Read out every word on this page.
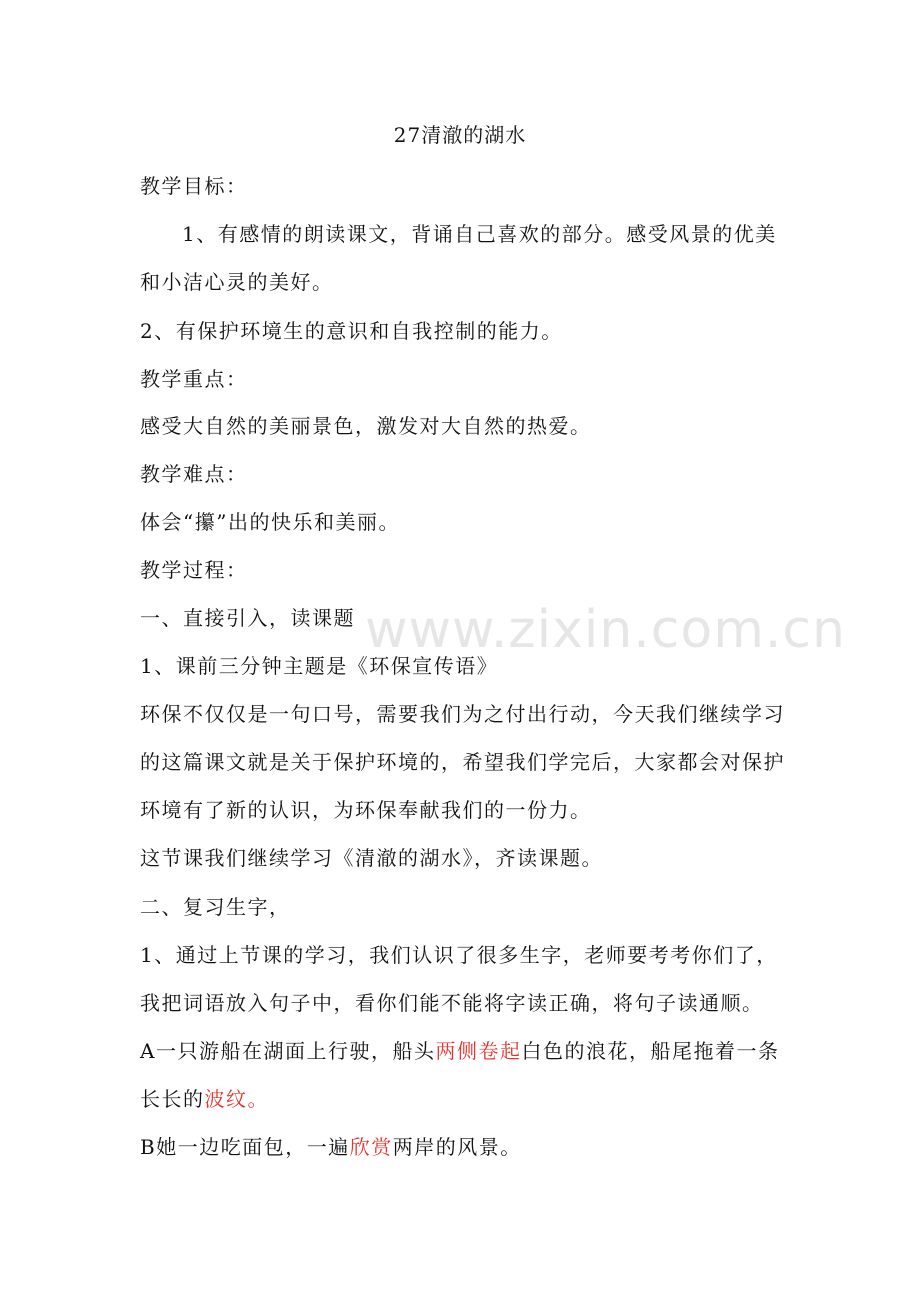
www.zixin.com.cn
27清澈的湖水
教学目标：
1、有感情的朗读课文，背诵自己喜欢的部分。感受风景的优美
和小洁心灵的美好。
2、有保护环境生的意识和自我控制的能力。
教学重点：
感受大自然的美丽景色，激发对大自然的热爱。
教学难点：
体会“攥”出的快乐和美丽。
教学过程：
一、直接引入，读课题
1、课前三分钟主题是《环保宣传语》
环保不仅仅是一句口号，需要我们为之付出行动，今天我们继续学习
的这篇课文就是关于保护环境的，希望我们学完后，大家都会对保护
环境有了新的认识，为环保奉献我们的一份力。
这节课我们继续学习《清澈的湖水》，齐读课题。
二、复习生字，
1、通过上节课的学习，我们认识了很多生字，老师要考考你们了，
我把词语放入句子中，看你们能不能将字读正确，将句子读通顺。
A一只游船在湖面上行驶，船头两侧卷起白色的浪花，船尾拖着一条
长长的波纹。
B她一边吃面包，一遍欣赏两岸的风景。
